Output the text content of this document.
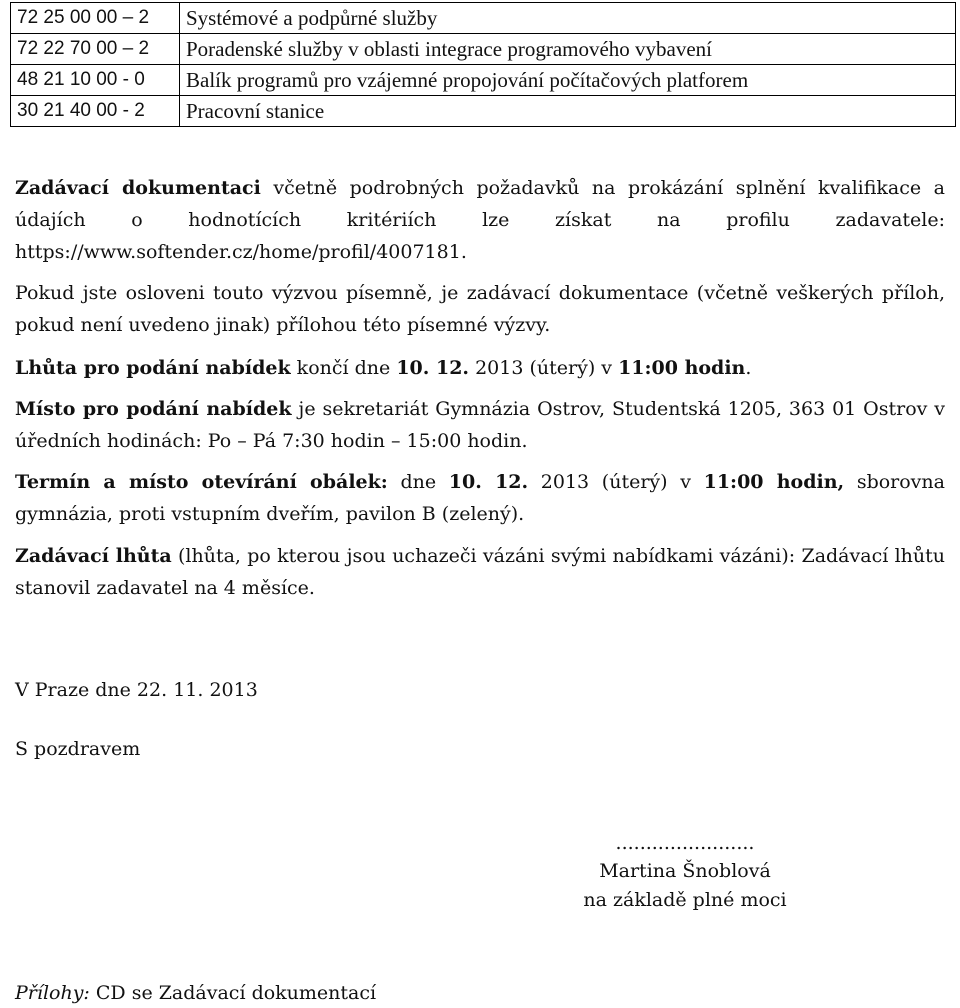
72 25 00 00 – 2	Systémové a podpůrné služby
72 22 70 00 – 2	Poradenské služby v oblasti integrace programového vybavení
48 21 10 00 - 0	Balík programů pro vzájemné propojování počítačových platforem
30 21 40 00 - 2	Pracovní stanice

Zadávací dokumentaci včetně podrobných požadavků na prokázání splnění kvalifikace a údajích o hodnotících kritériích lze získat na profilu zadavatele: https://www.softender.cz/home/profil/4007181.

Pokud jste osloveni touto výzvou písemně, je zadávací dokumentace (včetně veškerých příloh, pokud není uvedeno jinak) přílohou této písemné výzvy.

Lhůta pro podání nabídek končí dne 10. 12. 2013 (úterý) v 11:00 hodin.

Místo pro podání nabídek je sekretariát Gymnázia Ostrov, Studentská 1205, 363 01 Ostrov v úředních hodinách: Po – Pá 7:30 hodin – 15:00 hodin.

Termín a místo otevírání obálek: dne 10. 12. 2013 (úterý) v 11:00 hodin, sborovna gymnázia, proti vstupním dveřím, pavilon B (zelený).

Zadávací lhůta (lhůta, po kterou jsou uchazeči vázáni svými nabídkami vázáni): Zadávací lhůtu stanovil zadavatel na 4 měsíce.

V Praze dne 22. 11. 2013

S pozdravem

.......................
Martina Šnoblová
na základě plné moci
Přílohy: CD se Zadávací dokumentací
